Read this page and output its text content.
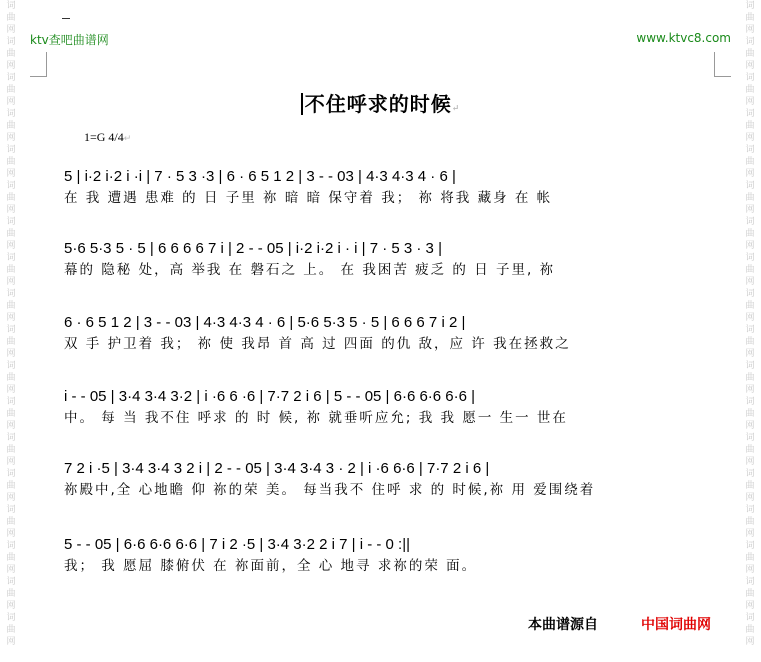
词
曲
网
词
曲
网
词
曲
网
词
曲
网
词
曲
网
词
曲
网
词
曲
网
词
曲
网
词
曲
网
词
曲
网
词
曲
网
词
曲
网
词
曲
网
词
曲
网
词
曲
网
词
曲
网
词
曲
网
词
曲
网
词
曲
网
词
曲
网
词
曲
网
词
曲
网
词
曲
网
词
曲
网
词
曲
网
词
曲
网
词
曲
网
词
曲
网
词
曲
网
词
曲
网
词
曲
网
词
曲
网
词
曲
网
词
曲
网
词
曲
网
词
曲
网
ktv查吧曲谱网	www.ktvc8.com
不住呼求的时候↵
1=G 4/4↵
5 | i·2 i·2 i ·i | 7 · 5 3 ·3 | 6 · 6 5 1 2 | 3 - - 03 | 4·3 4·3 4 · 6 |
在 我 遭遇 患难 的 日 子里 祢 暗 暗 保守着 我； 祢 将我 藏身 在 帐
5·6 5·3 5 · 5 | 6 6 6 6 7 i | 2 - - 05 | i·2 i·2 i · i | 7 · 5 3 · 3 |
幕的 隐秘 处，高 举我 在 磐石之 上。 在 我困苦 疲乏 的 日 子里, 祢
6 · 6 5 1 2 | 3 - - 03 | 4·3 4·3 4 · 6 | 5·6 5·3 5 · 5 | 6 6 6 7 i 2 |
双 手 护卫着 我； 祢 使 我昂 首 高 过 四面 的仇 敌，应 许 我在拯救之
i - - 05 | 3·4 3·4 3·2 | i ·6 6 ·6 | 7·7 2 i 6 | 5 - - 05 | 6·6 6·6 6·6 |
中。 每 当 我不住 呼求 的 时 候, 祢 就垂听应允; 我 我 愿一 生一 世在
7 2 i ·5 | 3·4 3·4 3 2 i | 2 - - 05 | 3·4 3·4 3 · 2 | i ·6 6·6 | 7·7 2 i 6 |
祢殿中,全 心地瞻 仰 祢的荣 美。 每当我不 住呼 求 的 时候,祢 用 爱围绕着
5 - - 05 | 6·6 6·6 6·6 | 7 i 2 ·5 | 3·4 3·2 2 i 7 | i - - 0 :||
我； 我 愿屈 膝俯伏 在 祢面前，全 心 地寻 求祢的荣 面。
本曲谱源自	中国词曲网
